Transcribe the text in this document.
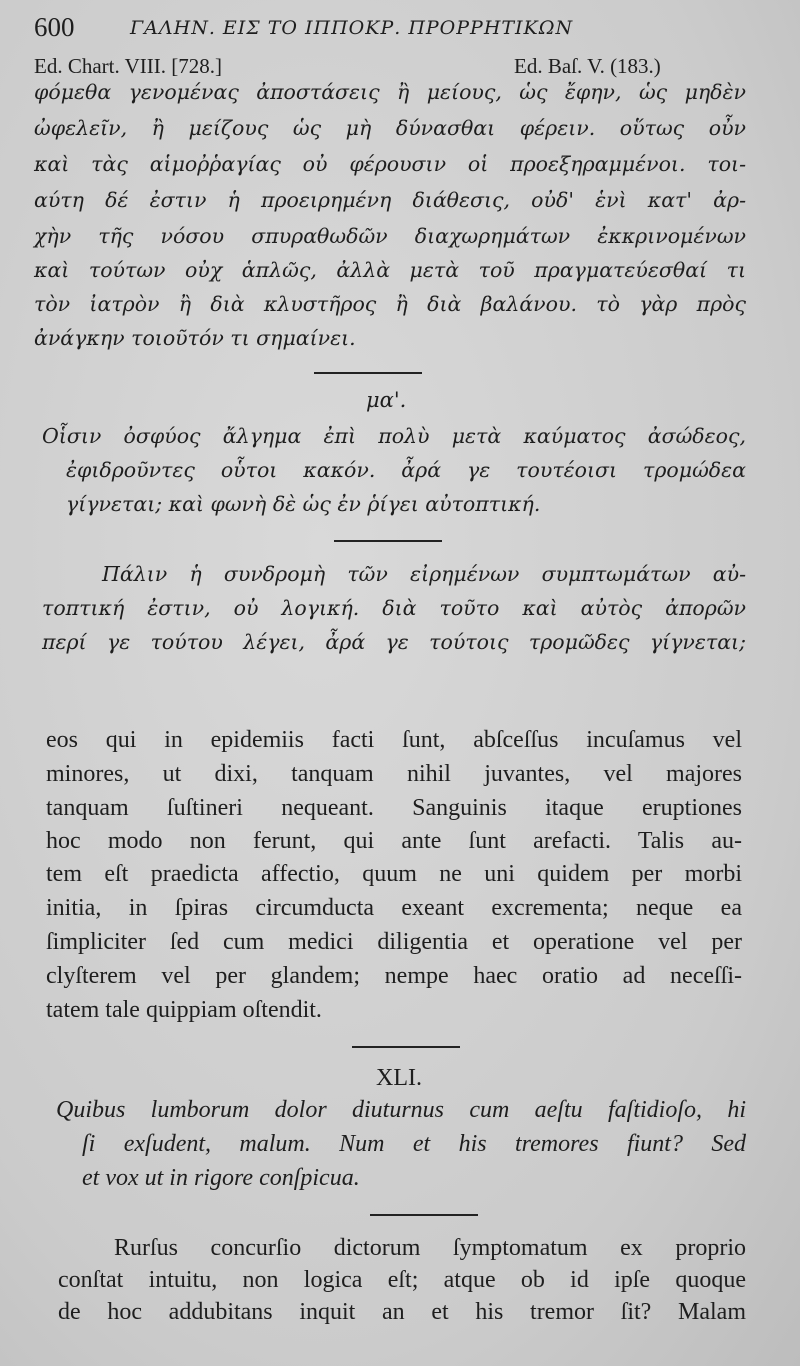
600	ΓΑΛΗΝ. ΕΙΣ ΤΟ ΙΠΠΟΚΡ. ΠΡΟΡΡΗΤΙΚΩΝ
Ed. Chart. VIII. [728.]	Ed. Baſ. V. (183.)
φόμεθα γενομένας ἀποστάσεις ἢ μείους, ὡς ἔφην, ὡς μηδὲν
ὠφελεῖν, ἢ μείζους ὡς μὴ δύνασθαι φέρειν. οὕτως οὖν
καὶ τὰς αἱμοῤῥαγίας οὐ φέρουσιν οἱ προεξηραμμένοι. τοι-
αύτη δέ ἐστιν ἡ προειρημένη διάθεσις, οὐδ' ἑνὶ κατ' ἀρ-
χὴν τῆς νόσου σπυραθωδῶν διαχωρημάτων ἐκκρινομένων
καὶ τούτων οὐχ ἁπλῶς, ἀλλὰ μετὰ τοῦ πραγματεύεσθαί τι
τὸν ἰατρὸν ἢ διὰ κλυστῆρος ἢ διὰ βαλάνου. τὸ γὰρ πρὸς
ἀνάγκην τοιοῦτόν τι σημαίνει.
μα'.
Οἷσιν ὀσφύος ἄλγημα ἐπὶ πολὺ μετὰ καύματος ἀσώδεος,
ἐφιδροῦντες οὗτοι κακόν. ἆρά γε τουτέοισι τρομώδεα
γίγνεται; καὶ φωνὴ δὲ ὡς ἐν ῥίγει αὐτοπτική.
Πάλιν ἡ συνδρομὴ τῶν εἰρημένων συμπτωμάτων αὐ-
τοπτική ἐστιν, οὐ λογική. διὰ τοῦτο καὶ αὐτὸς ἀπορῶν
περί γε τούτου λέγει, ἆρά γε τούτοις τρομῶδες γίγνεται;
eos qui in epidemiis facti ſunt, abſceſſus incuſamus vel
minores, ut dixi, tanquam nihil juvantes, vel majores
tanquam ſuſtineri nequeant. Sanguinis itaque eruptiones
hoc modo non ferunt, qui ante ſunt arefacti. Talis au-
tem eſt praedicta affectio, quum ne uni quidem per morbi
initia, in ſpiras circumducta exeant excrementa; neque ea
ſimpliciter ſed cum medici diligentia et operatione vel per
clyſterem vel per glandem; nempe haec oratio ad neceſſi-
tatem tale quippiam oſtendit.
XLI.
Quibus lumborum dolor diuturnus cum aeſtu faſtidioſo, hi
ſi exſudent, malum. Num et his tremores fiunt? Sed
et vox ut in rigore conſpicua.
Rurſus concurſio dictorum ſymptomatum ex proprio
conſtat intuitu, non logica eſt; atque ob id ipſe quoque
de hoc addubitans inquit an et his tremor ſit? Malam
